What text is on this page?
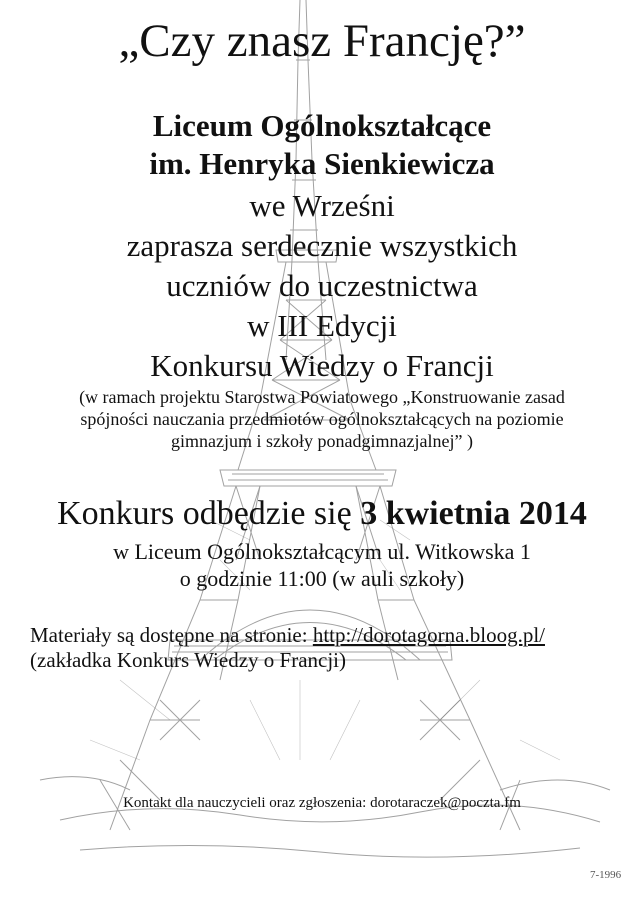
„Czy znasz Francję?”
Liceum Ogólnokształcące
im. Henryka Sienkiewicza
we Wrześni
zaprasza serdecznie wszystkich
uczniów do uczestnictwa
w III Edycji
Konkursu Wiedzy o Francji
(w ramach projektu Starostwa Powiatowego „Konstruowanie zasad
spójności nauczania przedmiotów ogólnokształcących na poziomie
gimnazjum i szkoły ponadgimnazjalnej” )
Konkurs odbędzie się 3 kwietnia 2014
w Liceum Ogólnokształcącym ul. Witkowska 1
o godzinie 11:00 (w auli szkoły)
Materiały są dostępne na stronie: http://dorotagorna.bloog.pl/
(zakładka Konkurs Wiedzy o Francji)
Kontakt dla nauczycieli oraz zgłoszenia: dorotaraczek@poczta.fm
7-1996
